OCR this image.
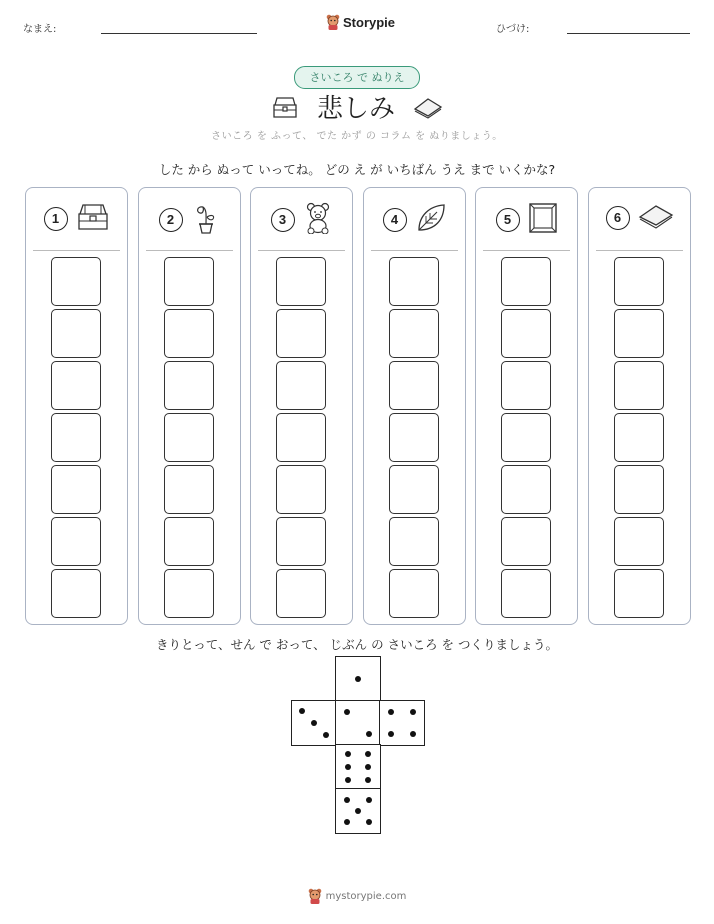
なまえ:	Storypie	ひづけ:
さいころ で ぬりえ
悲しみ
さいころ を ふって、 でた かず の コラム を ぬりましょう。
した から ぬって いってね。 どの え が いちばん うえ まで いくかな?
1	2	3	4	5	6
きりとって、せん で おって、 じぶん の さいころ を つくりましょう。
mystorypie.com
